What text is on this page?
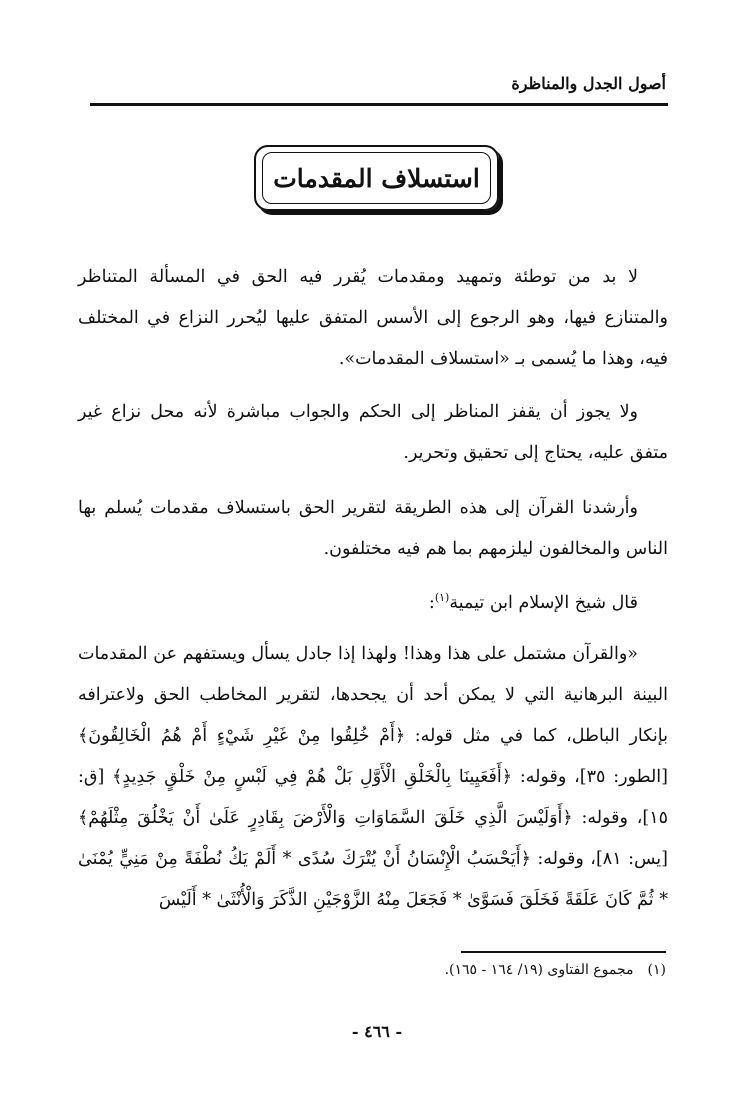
أصول الجدل والمناظرة
استسلاف المقدمات

لا بد من توطئة وتمهيد ومقدمات يُقرر فيه الحق في المسألة المتناظر والمتنازع فيها، وهو الرجوع إلى الأسس المتفق عليها ليُحرر النزاع في المختلف فيه، وهذا ما يُسمى بـ «استسلاف المقدمات».

ولا يجوز أن يقفز المناظر إلى الحكم والجواب مباشرة لأنه محل نزاع غير متفق عليه، يحتاج إلى تحقيق وتحرير.

وأرشدنا القرآن إلى هذه الطريقة لتقرير الحق باستسلاف مقدمات يُسلم بها الناس والمخالفون ليلزمهم بما هم فيه مختلفون.

قال شيخ الإسلام ابن تيمية$^{(١)}$:

«والقرآن مشتمل على هذا وهذا! ولهذا إذا جادل يسأل ويستفهم عن المقدمات البينة البرهانية التي لا يمكن أحد أن يجحدها، لتقرير المخاطب الحق ولاعترافه بإنكار الباطل، كما في مثل قوله: ﴿أَمْ خُلِقُوا مِنْ غَيْرِ شَيْءٍ أَمْ هُمُ الْخَالِقُونَ﴾ [الطور: ٣٥]، وقوله: ﴿أَفَعَيِينَا بِالْخَلْقِ الْأَوَّلِ بَلْ هُمْ فِي لَبْسٍ مِنْ خَلْقٍ جَدِيدٍ﴾ [ق: ١٥]، وقوله: ﴿أَوَلَيْسَ الَّذِي خَلَقَ السَّمَاوَاتِ وَالْأَرْضَ بِقَادِرٍ عَلَىٰ أَنْ يَخْلُقَ مِثْلَهُمْ﴾ [يس: ٨١]، وقوله: ﴿أَيَحْسَبُ الْإِنْسَانُ أَنْ يُتْرَكَ سُدًى * أَلَمْ يَكُ نُطْفَةً مِنْ مَنِيٍّ يُمْنَىٰ * ثُمَّ كَانَ عَلَقَةً فَخَلَقَ فَسَوَّىٰ * فَجَعَلَ مِنْهُ الزَّوْجَيْنِ الذَّكَرَ وَالْأُنْثَىٰ * أَلَيْسَ

(١)مجموع الفتاوى (١٩/ ١٦٤ - ١٦٥).
- ٤٦٦ -
